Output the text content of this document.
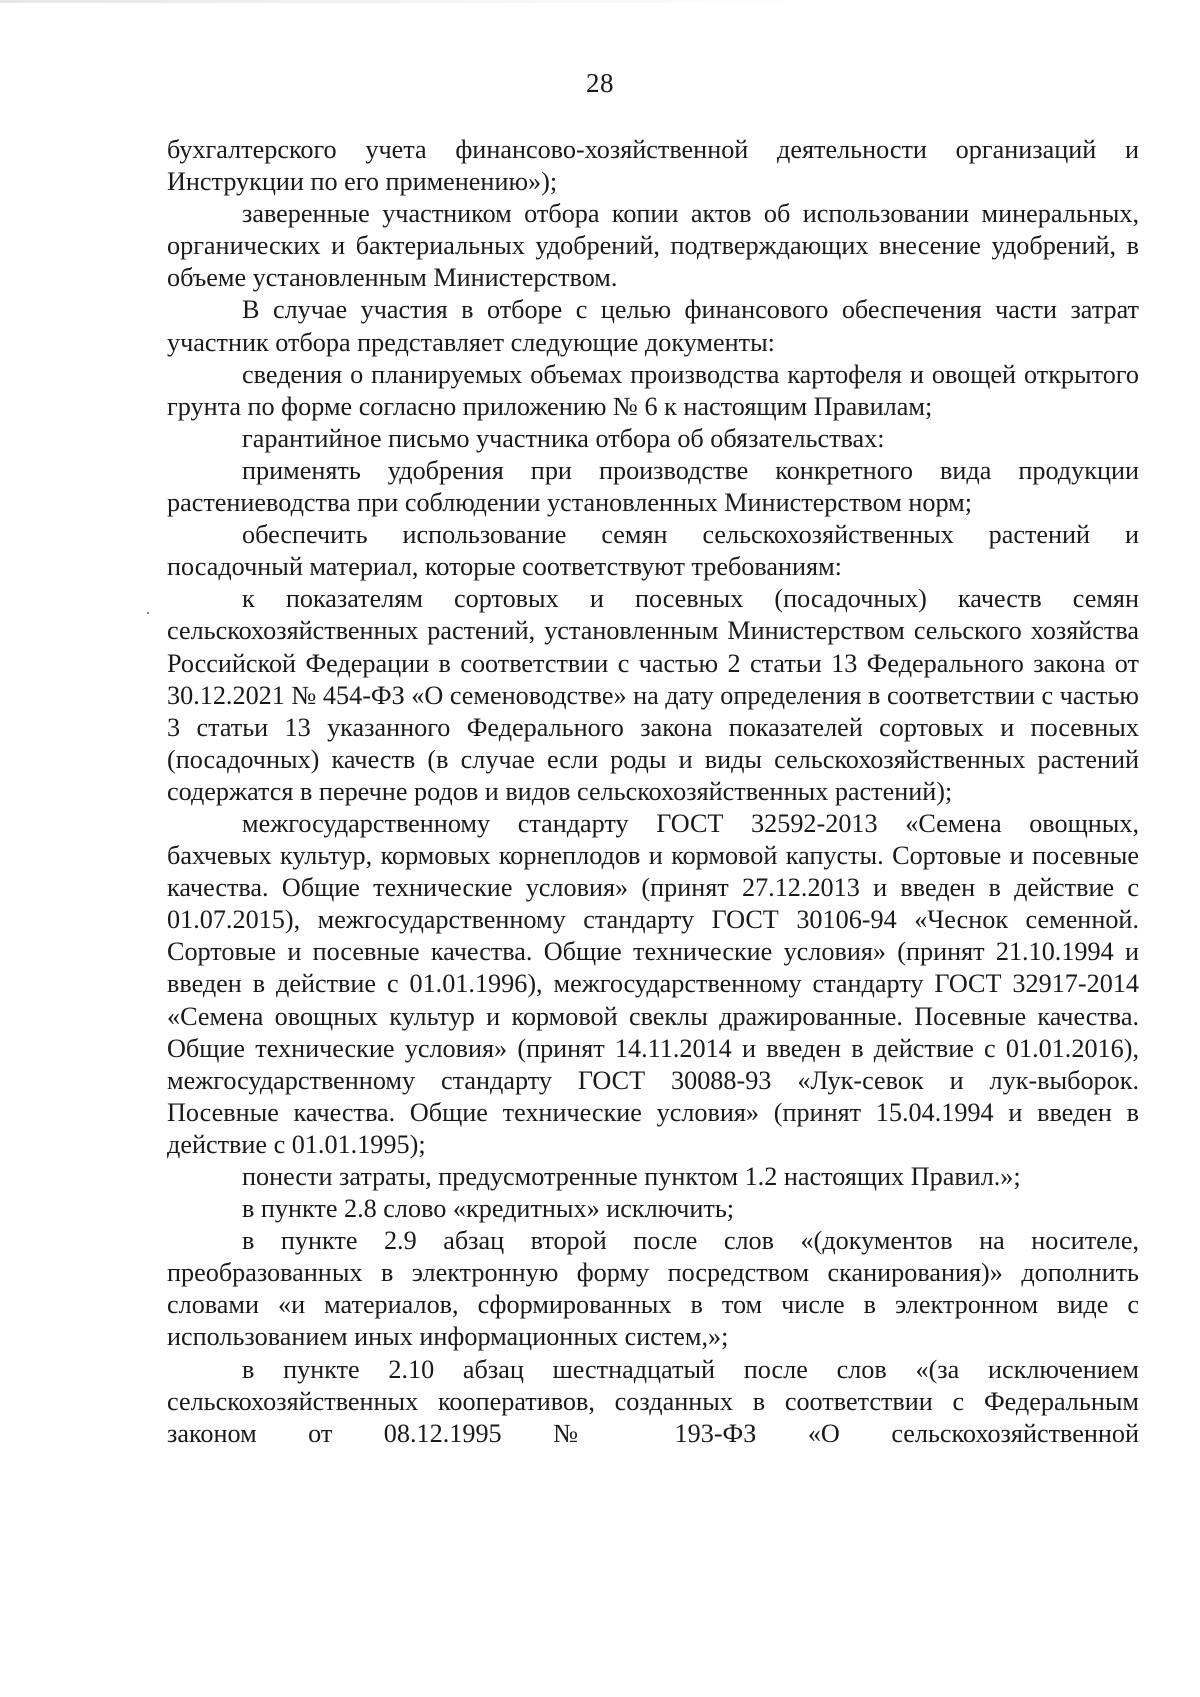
28

бухгалтерского учета финансово-хозяйственной деятельности организаций и Инструкции по его применению»);

заверенные участником отбора копии актов об использовании минеральных, органических и бактериальных удобрений, подтверждающих внесение удобрений, в объеме установленным Министерством.

В случае участия в отборе с целью финансового обеспечения части затрат участник отбора представляет следующие документы:

сведения о планируемых объемах производства картофеля и овощей открытого грунта по форме согласно приложению № 6 к настоящим Правилам;

гарантийное письмо участника отбора об обязательствах:

применять удобрения при производстве конкретного вида продукции растениеводства при соблюдении установленных Министерством норм;

обеспечить использование семян сельскохозяйственных растений и посадочный материал, которые соответствуют требованиям:

к показателям сортовых и посевных (посадочных) качеств семян сельскохозяйственных растений, установленным Министерством сельского хозяйства Российской Федерации в соответствии с частью 2 статьи 13 Федерального закона от 30.12.2021 № 454-ФЗ «О семеноводстве» на дату определения в соответствии с частью 3 статьи 13 указанного Федерального закона показателей сортовых и посевных (посадочных) качеств (в случае если роды и виды сельскохозяйственных растений содержатся в перечне родов и видов сельскохозяйственных растений);

межгосударственному стандарту ГОСТ 32592-2013 «Семена овощных, бахчевых культур, кормовых корнеплодов и кормовой капусты. Сортовые и посевные качества. Общие технические условия» (принят 27.12.2013 и введен в действие с 01.07.2015), межгосударственному стандарту ГОСТ 30106-94 «Чеснок семенной. Сортовые и посевные качества. Общие технические условия» (принят 21.10.1994 и введен в действие с 01.01.1996), межгосударственному стандарту ГОСТ 32917-2014 «Семена овощных культур и кормовой свеклы дражированные. Посевные качества. Общие технические условия» (принят 14.11.2014 и введен в действие с 01.01.2016), межгосударственному стандарту ГОСТ 30088-93 «Лук-севок и лук-выборок. Посевные качества. Общие технические условия» (принят 15.04.1994 и введен в действие с 01.01.1995);

понести затраты, предусмотренные пунктом 1.2 настоящих Правил.»;

в пункте 2.8 слово «кредитных» исключить;

в пункте 2.9 абзац второй после слов «(документов на носителе, преобразованных в электронную форму посредством сканирования)» дополнить словами «и материалов, сформированных в том числе в электронном виде с использованием иных информационных систем,»;

в пункте 2.10 абзац шестнадцатый после слов «(за исключением сельскохозяйственных кооперативов, созданных в соответствии с Федеральным законом от 08.12.1995 № 193-ФЗ «О сельскохозяйственной
